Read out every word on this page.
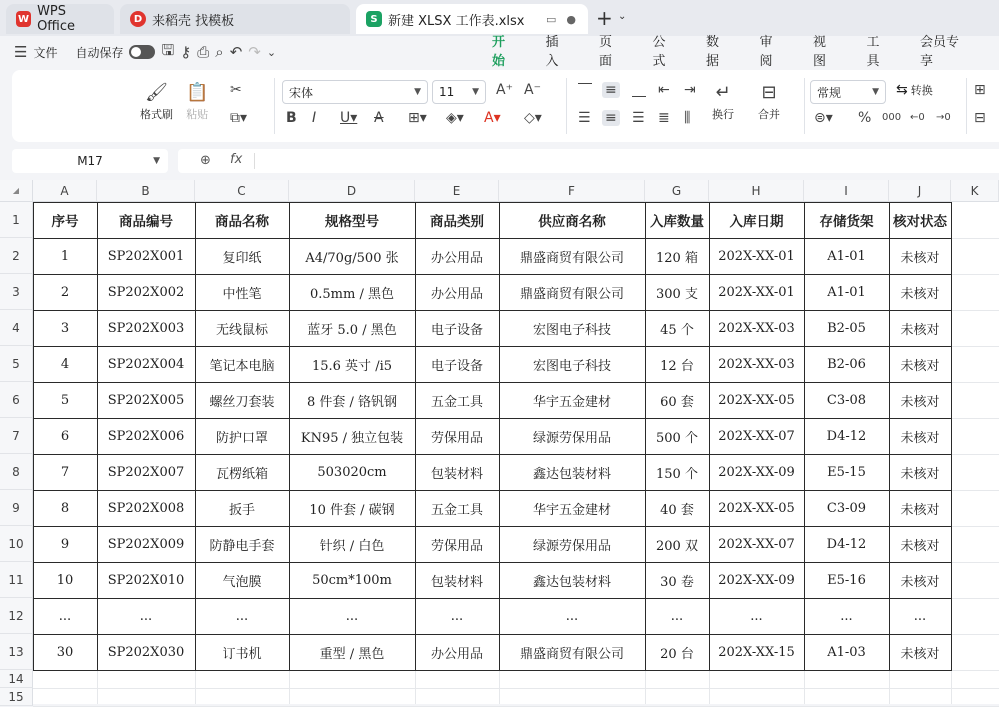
W WPS Office	D 来稻壳 找模板	S 新建 XLSX 工作表.xlsx ▭ ● + ⌄
☰ 文件 自动保存	🖫 ⚷ ⎙ ⌕ ↶ ↷ ⌄
开始
插入
页面
公式
数据
审阅
视图
工具
会员专享
🖌
格式刷
📋
粘贴
✂
⧉▾
宋体	▼ 11 ▼ A⁺ A⁻
B I U▾ A ⊞▾ ◈▾ A▾ ◇▾
⎺ ≡ ⎽ ⇤ ⇥
☰ ≡ ☰ ≣ ⫼
↵
换行
⊟
合并
常规	▼ ⇆ 转换
⊜▾ % 000 ←0 →0
⊞
⊟
M17	▼	⊕ fx
◢	A	B	C	D	E	F	G	H	I	J	K
1
2
3
4
5
6
7
8
9
10
11
12
13
14
15
序号	商品编号	商品名称	规格型号	商品类别	供应商名称	入库数量	入库日期	存储货架	核对状态
1	SP202X001	复印纸	A4/70g/500 张	办公用品	鼎盛商贸有限公司	120 箱	202X-XX-01	A1-01	未核对
2	SP202X002	中性笔	0.5mm / 黑色	办公用品	鼎盛商贸有限公司	300 支	202X-XX-01	A1-01	未核对
3	SP202X003	无线鼠标	蓝牙 5.0 / 黑色	电子设备	宏图电子科技	45 个	202X-XX-03	B2-05	未核对
4	SP202X004	笔记本电脑	15.6 英寸 /i5	电子设备	宏图电子科技	12 台	202X-XX-03	B2-06	未核对
5	SP202X005	螺丝刀套装	8 件套 / 铬钒钢	五金工具	华宇五金建材	60 套	202X-XX-05	C3-08	未核对
6	SP202X006	防护口罩	KN95 / 独立包装	劳保用品	绿源劳保用品	500 个	202X-XX-07	D4-12	未核对
7	SP202X007	瓦楞纸箱	503020cm	包装材料	鑫达包装材料	150 个	202X-XX-09	E5-15	未核对
8	SP202X008	扳手	10 件套 / 碳钢	五金工具	华宇五金建材	40 套	202X-XX-05	C3-09	未核对
9	SP202X009	防静电手套	针织 / 白色	劳保用品	绿源劳保用品	200 双	202X-XX-07	D4-12	未核对
10	SP202X010	气泡膜	50cm*100m	包装材料	鑫达包装材料	30 卷	202X-XX-09	E5-16	未核对
...	...	...	...	...	...	...	...	...	...
30	SP202X030	订书机	重型 / 黑色	办公用品	鼎盛商贸有限公司	20 台	202X-XX-15	A1-03	未核对
